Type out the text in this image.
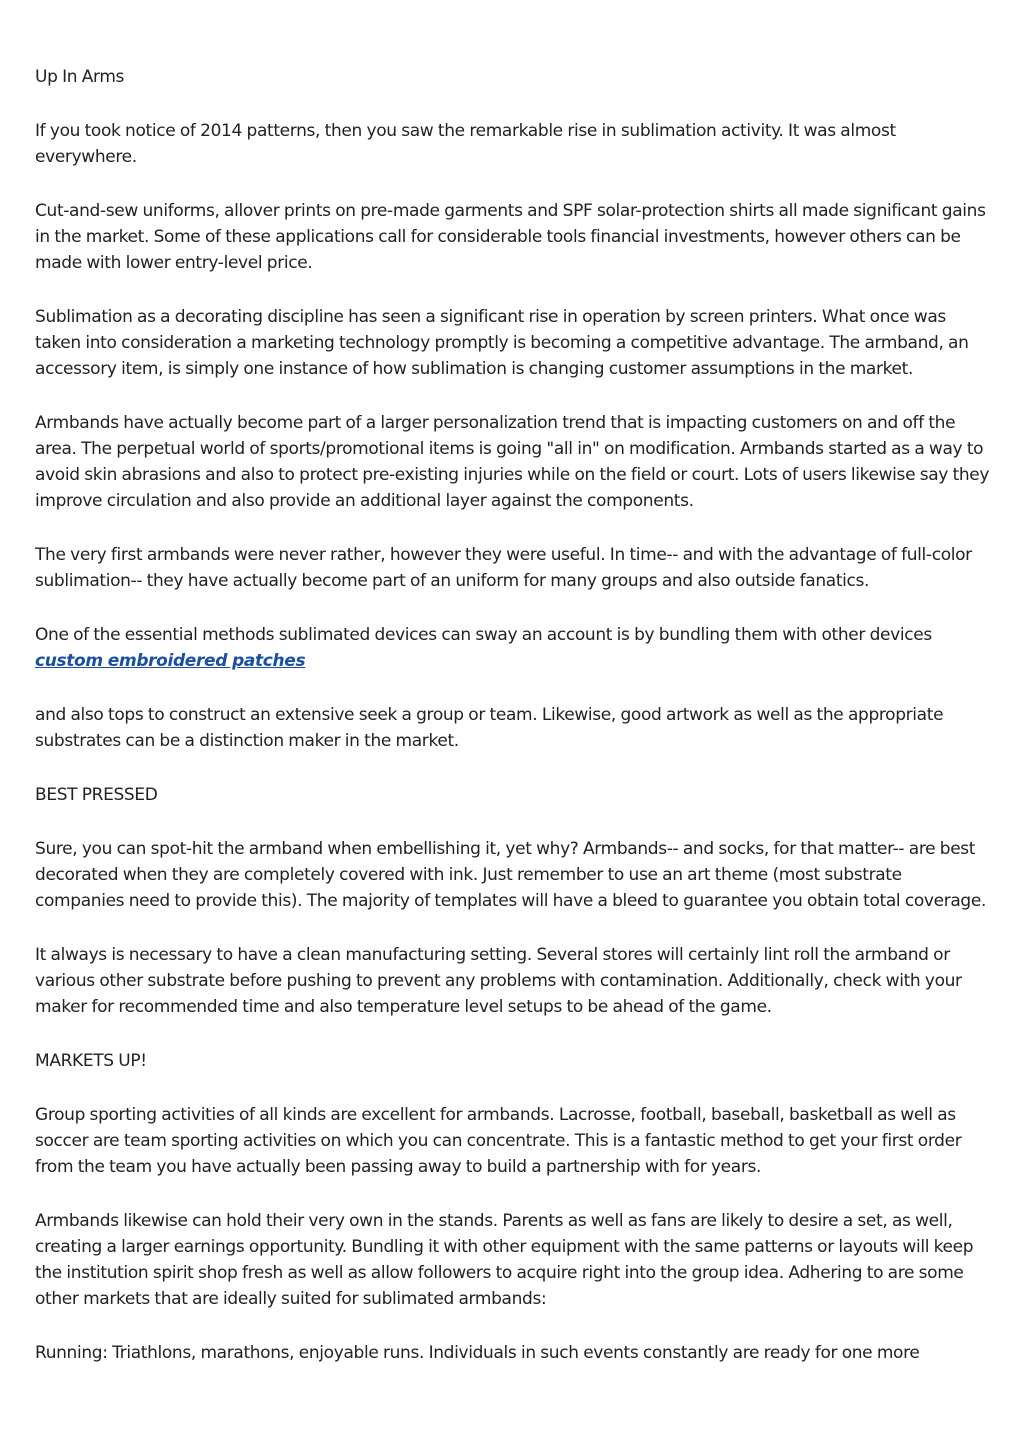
Up In Arms

If you took notice of 2014 patterns, then you saw the remarkable rise in sublimation activity. It was almost everywhere.

Cut-and-sew uniforms, allover prints on pre-made garments and SPF solar-protection shirts all made significant gains in the market. Some of these applications call for considerable tools financial investments, however others can be made with lower entry-level price.

Sublimation as a decorating discipline has seen a significant rise in operation by screen printers. What once was taken into consideration a marketing technology promptly is becoming a competitive advantage. The armband, an accessory item, is simply one instance of how sublimation is changing customer assumptions in the market.

Armbands have actually become part of a larger personalization trend that is impacting customers on and off the area. The perpetual world of sports/promotional items is going "all in" on modification. Armbands started as a way to avoid skin abrasions and also to protect pre-existing injuries while on the field or court. Lots of users likewise say they improve circulation and also provide an additional layer against the components.

The very first armbands were never rather, however they were useful. In time-- and with the advantage of full-color sublimation-- they have actually become part of an uniform for many groups and also outside fanatics.

One of the essential methods sublimated devices can sway an account is by bundling them with other devices
custom embroidered patches

and also tops to construct an extensive seek a group or team. Likewise, good artwork as well as the appropriate substrates can be a distinction maker in the market.

BEST PRESSED

Sure, you can spot-hit the armband when embellishing it, yet why? Armbands-- and socks, for that matter-- are best decorated when they are completely covered with ink. Just remember to use an art theme (most substrate companies need to provide this). The majority of templates will have a bleed to guarantee you obtain total coverage.

It always is necessary to have a clean manufacturing setting. Several stores will certainly lint roll the armband or various other substrate before pushing to prevent any problems with contamination. Additionally, check with your maker for recommended time and also temperature level setups to be ahead of the game.

MARKETS UP!

Group sporting activities of all kinds are excellent for armbands. Lacrosse, football, baseball, basketball as well as soccer are team sporting activities on which you can concentrate. This is a fantastic method to get your first order from the team you have actually been passing away to build a partnership with for years.

Armbands likewise can hold their very own in the stands. Parents as well as fans are likely to desire a set, as well, creating a larger earnings opportunity. Bundling it with other equipment with the same patterns or layouts will keep the institution spirit shop fresh as well as allow followers to acquire right into the group idea. Adhering to are some other markets that are ideally suited for sublimated armbands:

Running: Triathlons, marathons, enjoyable runs. Individuals in such events constantly are ready for one more
